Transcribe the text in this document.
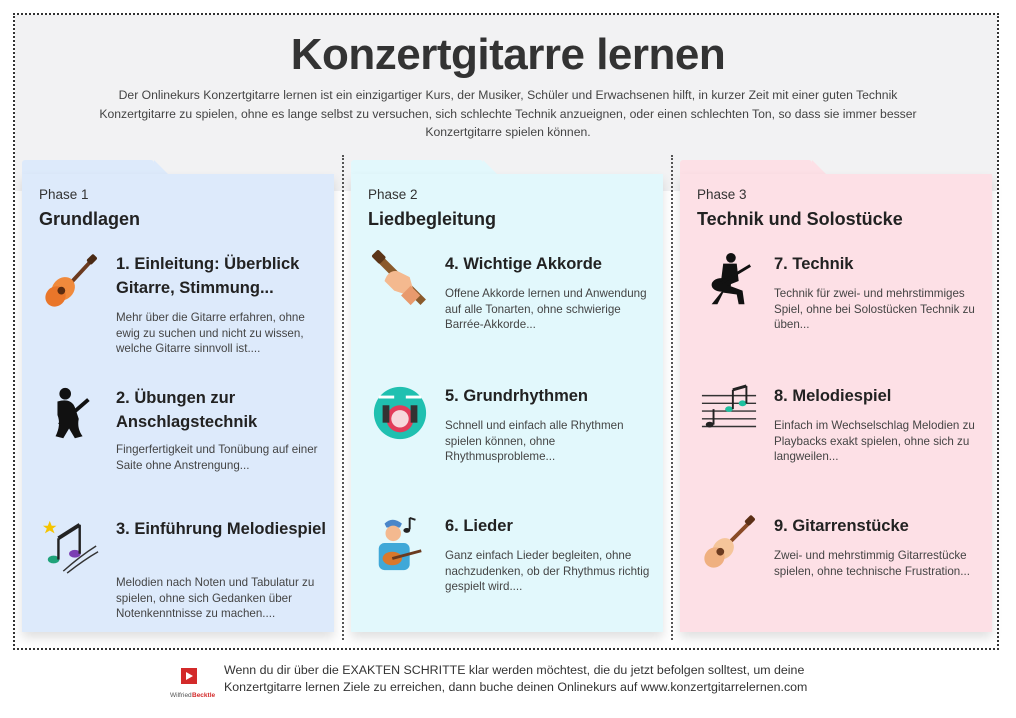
Konzertgitarre lernen
Der Onlinekurs Konzertgitarre lernen ist ein einzigartiger Kurs, der Musiker, Schüler und Erwachsenen hilft, in kurzer Zeit mit einer guten Technik Konzertgitarre zu spielen, ohne es lange selbst zu versuchen, sich schlechte Technik anzueignen, oder einen schlechten Ton, so dass sie immer besser Konzertgitarre spielen können.
Phase 1
Grundlagen
1. Einleitung: Überblick Gitarre, Stimmung...
Mehr über die Gitarre erfahren, ohne ewig zu suchen und nicht zu wissen, welche Gitarre sinnvoll ist....
2. Übungen zur Anschlagstechnik
Fingerfertigkeit und Tonübung auf einer Saite ohne Anstrengung...
3. Einführung Melodiespiel
Melodien nach Noten und Tabulatur zu spielen, ohne sich Gedanken über Notenkenntnisse zu machen....
Phase 2
Liedbegleitung
4. Wichtige Akkorde
Offene Akkorde lernen und Anwendung auf alle Tonarten, ohne schwierige Barrée-Akkorde...
5. Grundrhythmen
Schnell und einfach alle Rhythmen spielen können, ohne Rhythmusprobleme...
6. Lieder
Ganz einfach Lieder begleiten, ohne nachzudenken, ob der Rhythmus richtig gespielt wird....
Phase 3
Technik und Solostücke
7. Technik
Technik für zwei- und mehrstimmiges Spiel, ohne bei Solostücken Technik zu üben...
8. Melodiespiel
Einfach im Wechselschlag Melodien zu Playbacks exakt spielen, ohne sich zu langweilen...
9. Gitarrenstücke
Zwei- und mehrstimmig Gitarrestücke spielen, ohne technische Frustration...
Wilfried Becktle
Wenn du dir über die EXAKTEN SCHRITTE klar werden möchtest, die du jetzt befolgen solltest, um deine Konzertgitarre lernen Ziele zu erreichen, dann buche deinen Onlinekurs auf www.konzertgitarrelernen.com
